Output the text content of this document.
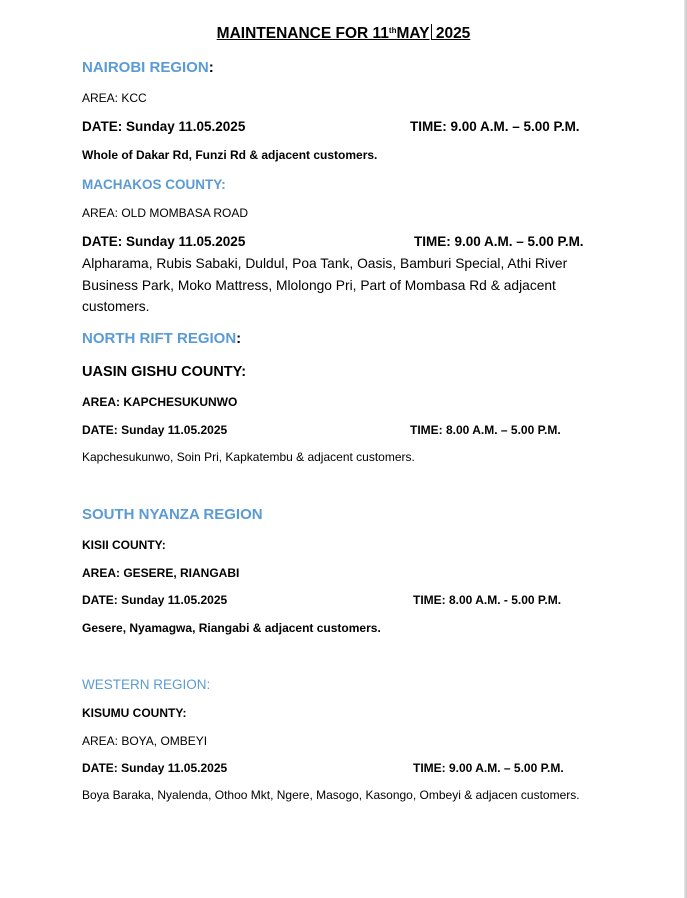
MAINTENANCE FOR 11thMAY 2025
NAIROBI REGION:
AREA: KCC
DATE: Sunday 11.05.2025	TIME: 9.00 A.M. – 5.00 P.M.
Whole of Dakar Rd, Funzi Rd & adjacent customers.
MACHAKOS COUNTY:
AREA: OLD MOMBASA ROAD
DATE: Sunday 11.05.2025	TIME: 9.00 A.M. – 5.00 P.M.
Alpharama, Rubis Sabaki, Duldul, Poa Tank, Oasis, Bamburi Special, Athi River Business Park, Moko Mattress, Mlolongo Pri, Part of Mombasa Rd & adjacent customers.
NORTH RIFT REGION:
UASIN GISHU COUNTY:
AREA: KAPCHESUKUNWO
DATE: Sunday 11.05.2025	TIME: 8.00 A.M. – 5.00 P.M.
Kapchesukunwo, Soin Pri, Kapkatembu & adjacent customers.
SOUTH NYANZA REGION
KISII COUNTY:
AREA: GESERE, RIANGABI
DATE: Sunday 11.05.2025	TIME: 8.00 A.M. - 5.00 P.M.
Gesere, Nyamagwa, Riangabi & adjacent customers.
WESTERN REGION:
KISUMU COUNTY:
AREA: BOYA, OMBEYI
DATE: Sunday 11.05.2025	TIME: 9.00 A.M. – 5.00 P.M.
Boya Baraka, Nyalenda, Othoo Mkt, Ngere, Masogo, Kasongo, Ombeyi & adjacen customers.
